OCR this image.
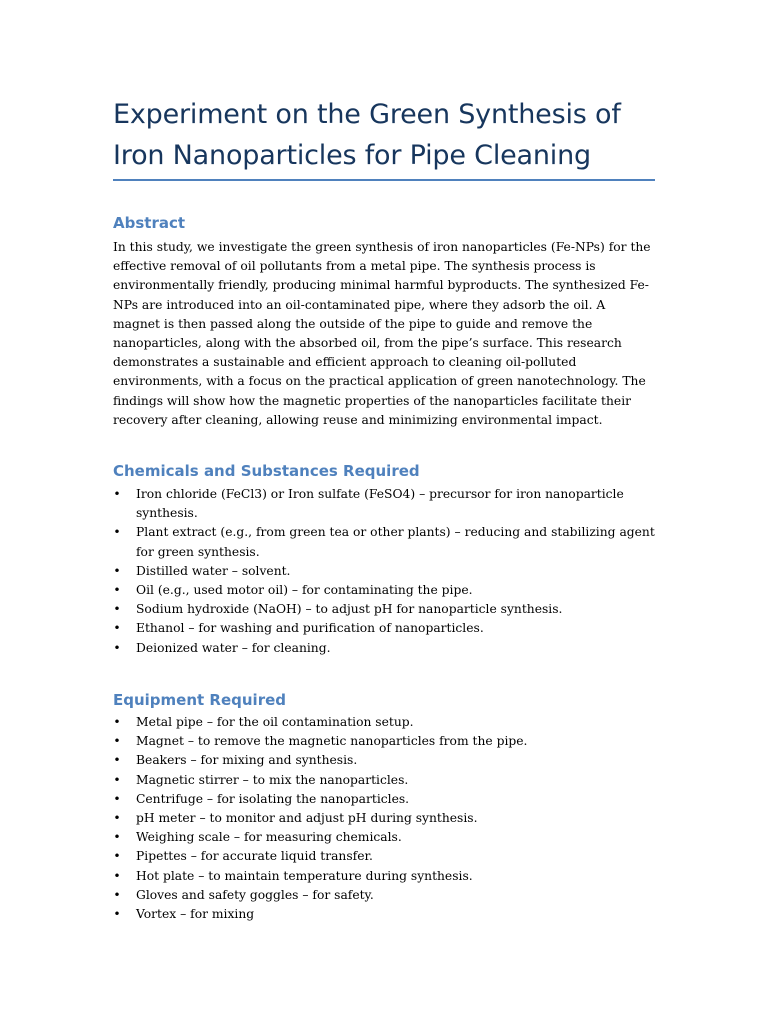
Experiment on the Green Synthesis of Iron Nanoparticles for Pipe Cleaning
Abstract

In this study, we investigate the green synthesis of iron nanoparticles (Fe-NPs) for the effective removal of oil pollutants from a metal pipe. The synthesis process is environmentally friendly, producing minimal harmful byproducts. The synthesized Fe-NPs are introduced into an oil-contaminated pipe, where they adsorb the oil. A magnet is then passed along the outside of the pipe to guide and remove the nanoparticles, along with the absorbed oil, from the pipe’s surface. This research demonstrates a sustainable and efficient approach to cleaning oil-polluted environments, with a focus on the practical application of green nanotechnology. The findings will show how the magnetic properties of the nanoparticles facilitate their recovery after cleaning, allowing reuse and minimizing environmental impact.

Chemicals and Substances Required
• Iron chloride (FeCl3) or Iron sulfate (FeSO4) – precursor for iron nanoparticle synthesis.
• Plant extract (e.g., from green tea or other plants) – reducing and stabilizing agent for green synthesis.
• Distilled water – solvent.
• Oil (e.g., used motor oil) – for contaminating the pipe.
• Sodium hydroxide (NaOH) – to adjust pH for nanoparticle synthesis.
• Ethanol – for washing and purification of nanoparticles.
• Deionized water – for cleaning.
Equipment Required
• Metal pipe – for the oil contamination setup.
• Magnet – to remove the magnetic nanoparticles from the pipe.
• Beakers – for mixing and synthesis.
• Magnetic stirrer – to mix the nanoparticles.
• Centrifuge – for isolating the nanoparticles.
• pH meter – to monitor and adjust pH during synthesis.
• Weighing scale – for measuring chemicals.
• Pipettes – for accurate liquid transfer.
• Hot plate – to maintain temperature during synthesis.
• Gloves and safety goggles – for safety.
• Vortex – for mixing
